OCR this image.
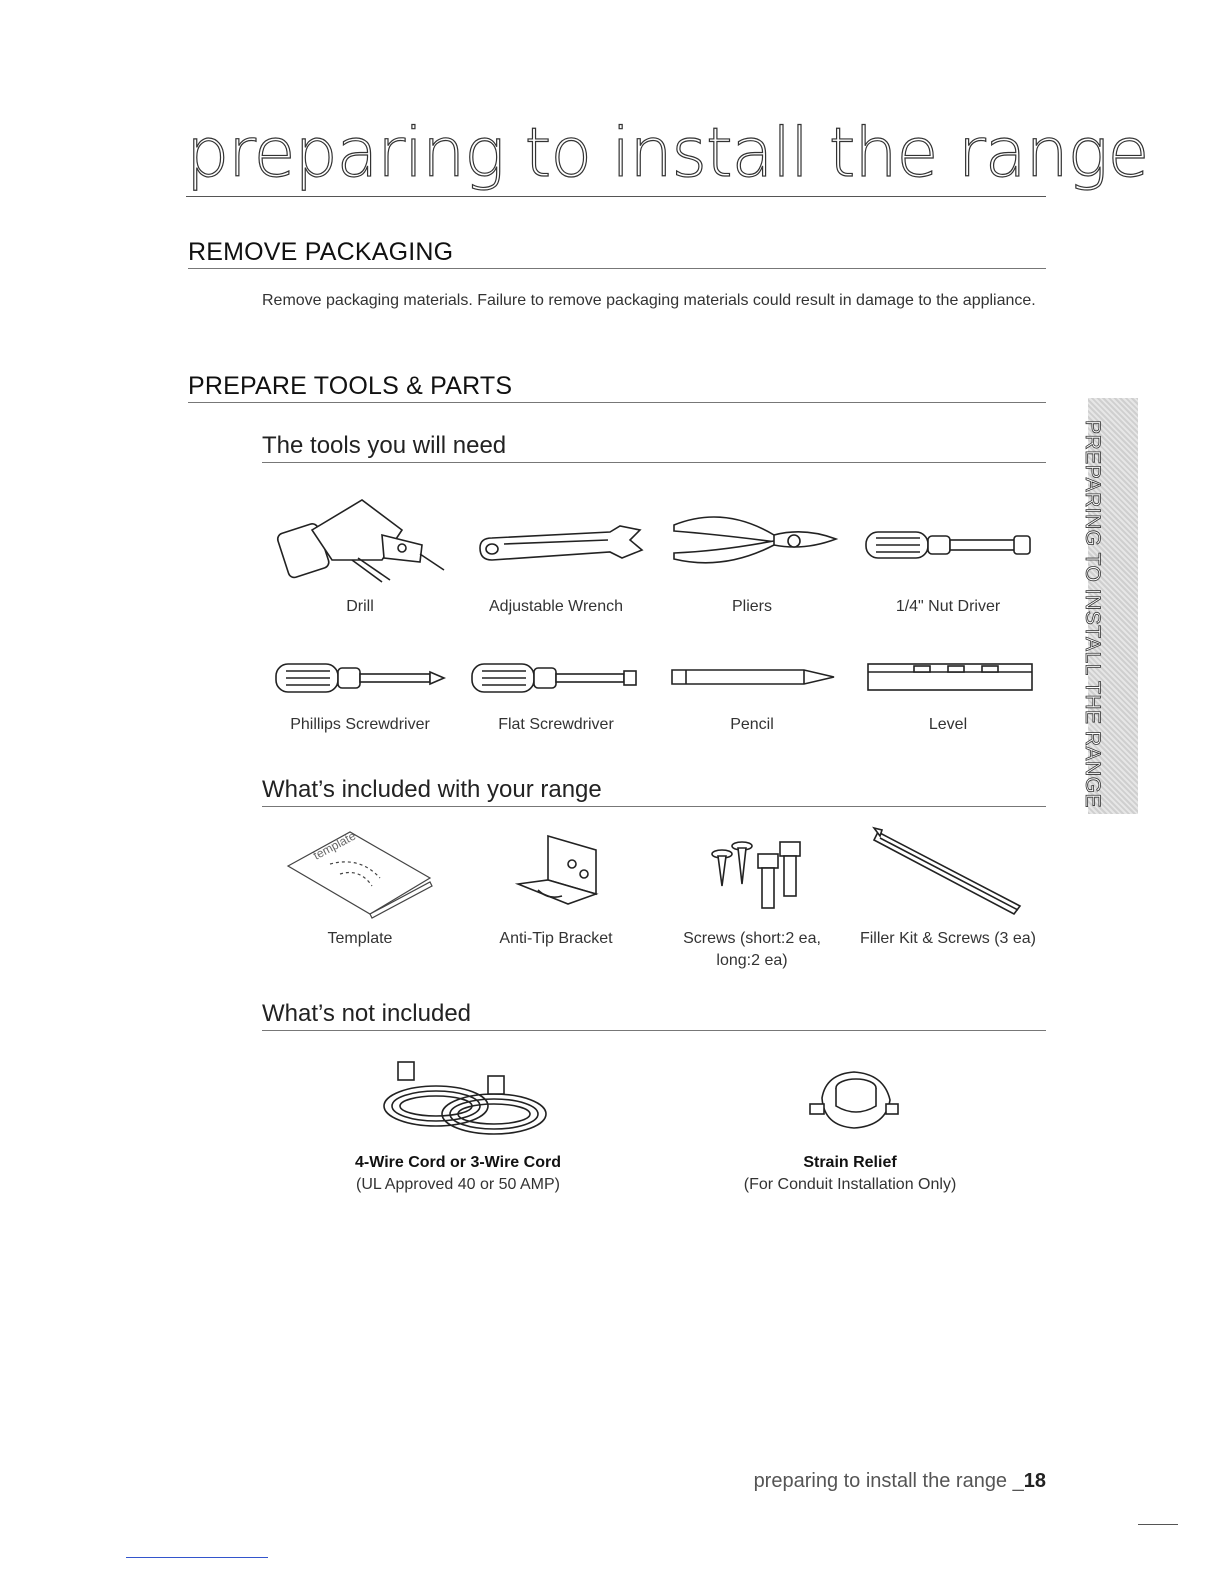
preparing to install the range
REMOVE PACKAGING
Remove packaging materials. Failure to remove packaging materials could result in damage to the appliance.
PREPARE TOOLS & PARTS
The tools you will need
Drill	Adjustable Wrench	Pliers	1/4" Nut Driver
Phillips Screwdriver	Flat Screwdriver	Pencil	Level
What’s included with your range
template
Template	Anti-Tip Bracket	Screws (short:2 ea, long:2 ea)
Filler Kit & Screws (3 ea)
What’s not included
4-Wire Cord or 3-Wire Cord
(UL Approved 40 or 50 AMP)
Strain Relief
(For Conduit Installation Only)
PREPARING TO INSTALL THE RANGE
preparing to install the range _18
